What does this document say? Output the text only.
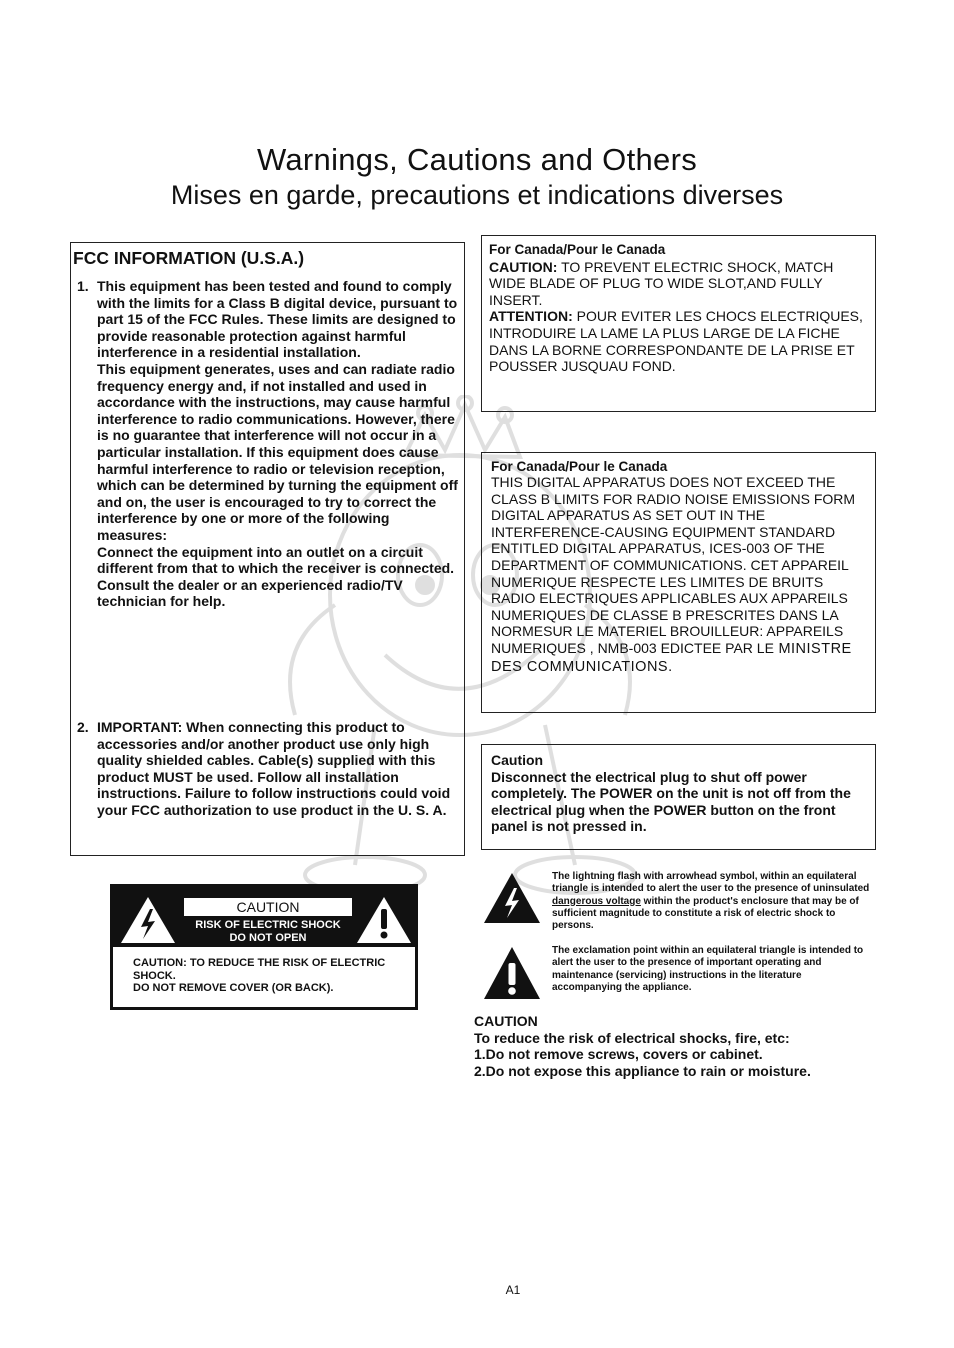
Warnings, Cautions and Others
Mises en garde, precautions et indications diverses
FCC INFORMATION (U.S.A.)
1. This equipment has been tested and found to comply with the limits for a Class B digital device, pursuant to part 15 of the FCC Rules. These limits are designed to provide reasonable protection against harmful interference in a residential installation.

This equipment generates, uses and can radiate radio frequency energy and, if not installed and used in accordance with the instructions, may cause harmful interference to radio communications. However, there is no guarantee that interference will not occur in a particular installation. If this equipment does cause harmful interference to radio or television reception, which can be determined by turning the equipment off and on, the user is encouraged to try to correct the interference by one or more of the following measures:

Connect the equipment into an outlet on a circuit different from that to which the receiver is connected. Consult the dealer or an experienced radio/TV technician for help.

2. IMPORTANT: When connecting this product to accessories and/or another product use only high quality shielded cables. Cable(s) supplied with this product MUST be used. Follow all installation instructions. Failure to follow instructions could void your FCC authorization to use product in the U. S. A.
For Canada/Pour le Canada
CAUTION: TO PREVENT ELECTRIC SHOCK, MATCH WIDE BLADE OF PLUG TO WIDE SLOT,AND FULLY INSERT.
ATTENTION: POUR EVITER LES CHOCS ELECTRIQUES, INTRODUIRE LA LAME LA PLUS LARGE DE LA FICHE DANS LA BORNE CORRESPONDANTE DE LA PRISE ET POUSSER JUSQUAU FOND.
For Canada/Pour le Canada
THIS DIGITAL APPARATUS DOES NOT EXCEED THE CLASS B LIMITS FOR RADIO NOISE EMISSIONS FORM DIGITAL APPARATUS AS SET OUT IN THE INTERFERENCE-CAUSING EQUIPMENT STANDARD ENTITLED DIGITAL APPARATUS, ICES-003 OF THE DEPARTMENT OF COMMUNICATIONS. CET APPAREIL NUMERIQUE RESPECTE LES LIMITES DE BRUITS RADIO ELECTRIQUES APPLICABLES AUX APPAREILS NUMERIQUES DE CLASSE B PRESCRITES DANS LA NORMESUR LE MATERIEL BROUILLEUR: APPAREILS NUMERIQUES , NMB-003 EDICTEE PAR LE MINISTRE DES COMMUNICATIONS.
Caution
Disconnect the electrical plug to shut off power completely. The POWER on the unit is not off from the electrical plug when the POWER button on the front panel is not pressed in.
CAUTION
RISK OF ELECTRIC SHOCK
DO NOT OPEN
CAUTION: TO REDUCE THE RISK OF ELECTRIC SHOCK.
DO NOT REMOVE COVER (OR BACK).
The lightning flash with arrowhead symbol, within an equilateral triangle is intended to alert the user to the presence of uninsulated dangerous voltage within the product's enclosure that may be of sufficient magnitude to constitute a risk of electric shock to persons.
The exclamation point within an equilateral triangle is intended to alert the user to the presence of important operating and maintenance (servicing) instructions in the literature accompanying the appliance.
CAUTION
To reduce the risk of electrical shocks, fire, etc:
1.Do not remove screws, covers or cabinet.
2.Do not expose this appliance to rain or moisture.
A1
